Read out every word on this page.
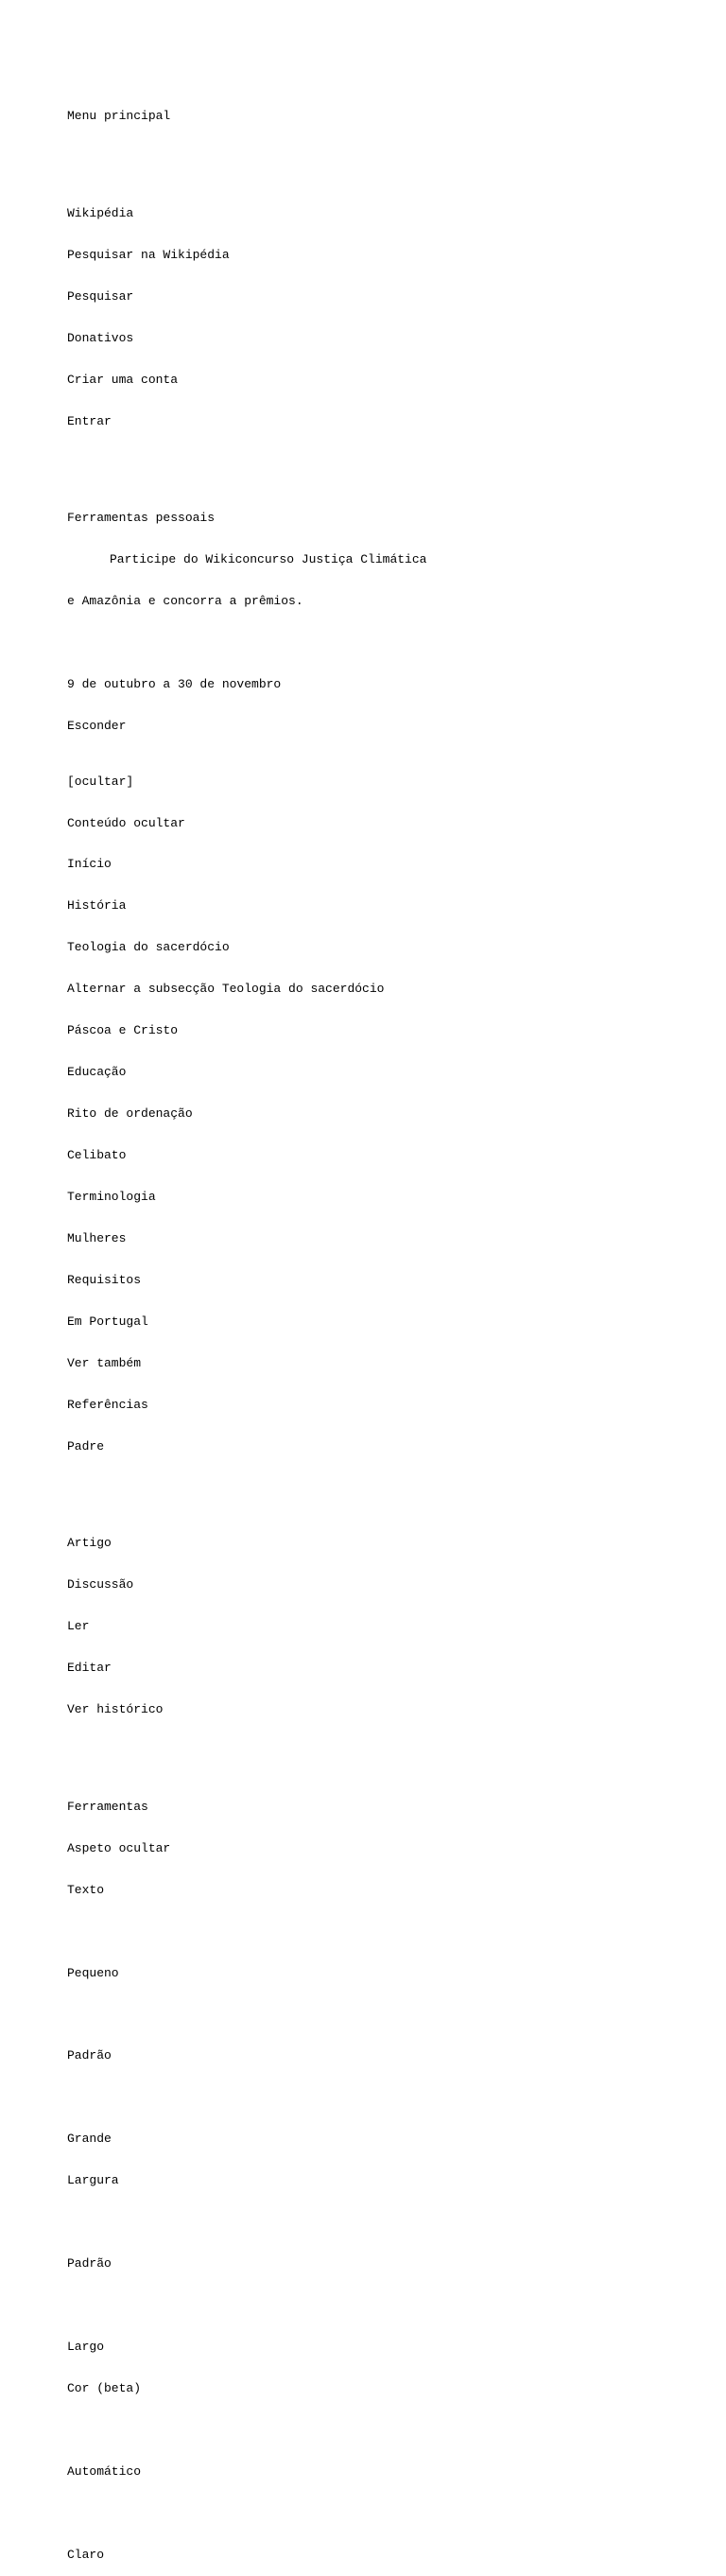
Menu principal

Wikipédia

Pesquisar na Wikipédia

Pesquisar

Donativos

Criar uma conta

Entrar

Ferramentas pessoais

Participe do Wikiconcurso Justiça Climática

e Amazônia e concorra a prêmios.

9 de outubro a 30 de novembro

Esconder

[ocultar]

Conteúdo ocultar

Início

História

Teologia do sacerdócio

Alternar a subsecção Teologia do sacerdócio

Páscoa e Cristo

Educação

Rito de ordenação

Celibato

Terminologia

Mulheres

Requisitos

Em Portugal

Ver também

Referências

Padre

Artigo

Discussão

Ler

Editar

Ver histórico

Ferramentas

Aspeto ocultar

Texto

Pequeno

Padrão

Grande

Largura

Padrão

Largo

Cor (beta)

Automático

Claro
